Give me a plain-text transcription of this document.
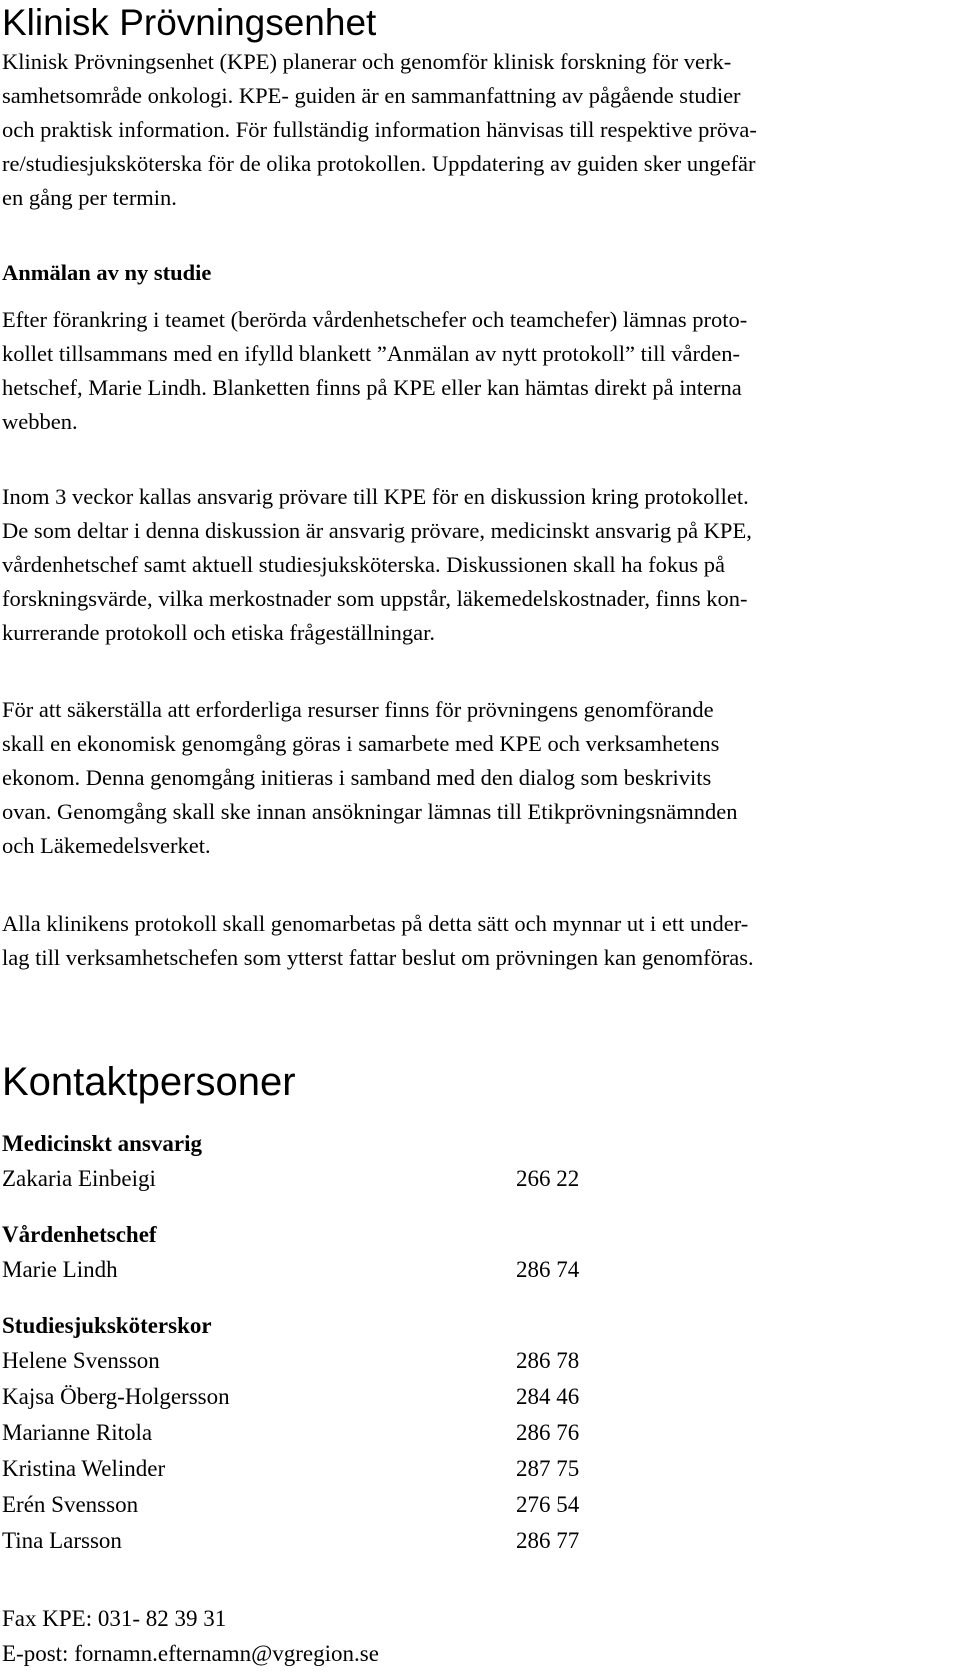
Klinisk Prövningsenhet

Klinisk Prövningsenhet (KPE) planerar och genomför klinisk forskning för verk-
samhetsområde onkologi. KPE- guiden är en sammanfattning av pågående studier
och praktisk information. För fullständig information hänvisas till respektive pröva-
re/studiesjuksköterska för de olika protokollen. Uppdatering av guiden sker ungefär
en gång per termin.

Anmälan av ny studie

Efter förankring i teamet (berörda vårdenhetschefer och teamchefer) lämnas proto-
kollet tillsammans med en ifylld blankett ”Anmälan av nytt protokoll” till vården-
hetschef, Marie Lindh. Blanketten finns på KPE eller kan hämtas direkt på interna
webben.

Inom 3 veckor kallas ansvarig prövare till KPE för en diskussion kring protokollet.
De som deltar i denna diskussion är ansvarig prövare, medicinskt ansvarig på KPE,
vårdenhetschef samt aktuell studiesjuksköterska. Diskussionen skall ha fokus på
forskningsvärde, vilka merkostnader som uppstår, läkemedelskostnader, finns kon-
kurrerande protokoll och etiska frågeställningar.

För att säkerställa att erforderliga resurser finns för prövningens genomförande
skall en ekonomisk genomgång göras i samarbete med KPE och verksamhetens
ekonom. Denna genomgång initieras i samband med den dialog som beskrivits
ovan. Genomgång skall ske innan ansökningar lämnas till Etikprövningsnämnden
och Läkemedelsverket.

Alla klinikens protokoll skall genomarbetas på detta sätt och mynnar ut i ett under-
lag till verksamhetschefen som ytterst fattar beslut om prövningen kan genomföras.

Kontaktpersoner
Medicinskt ansvarig
Zakaria Einbeigi	266 22
Vårdenhetschef
Marie Lindh	286 74
Studiesjuksköterskor
Helene Svensson	286 78
Kajsa Öberg-Holgersson	284 46
Marianne Ritola	286 76
Kristina Welinder	287 75
Erén Svensson	276 54
Tina Larsson	286 77
Fax KPE: 031- 82 39 31
E-post: fornamn.efternamn@vgregion.se
